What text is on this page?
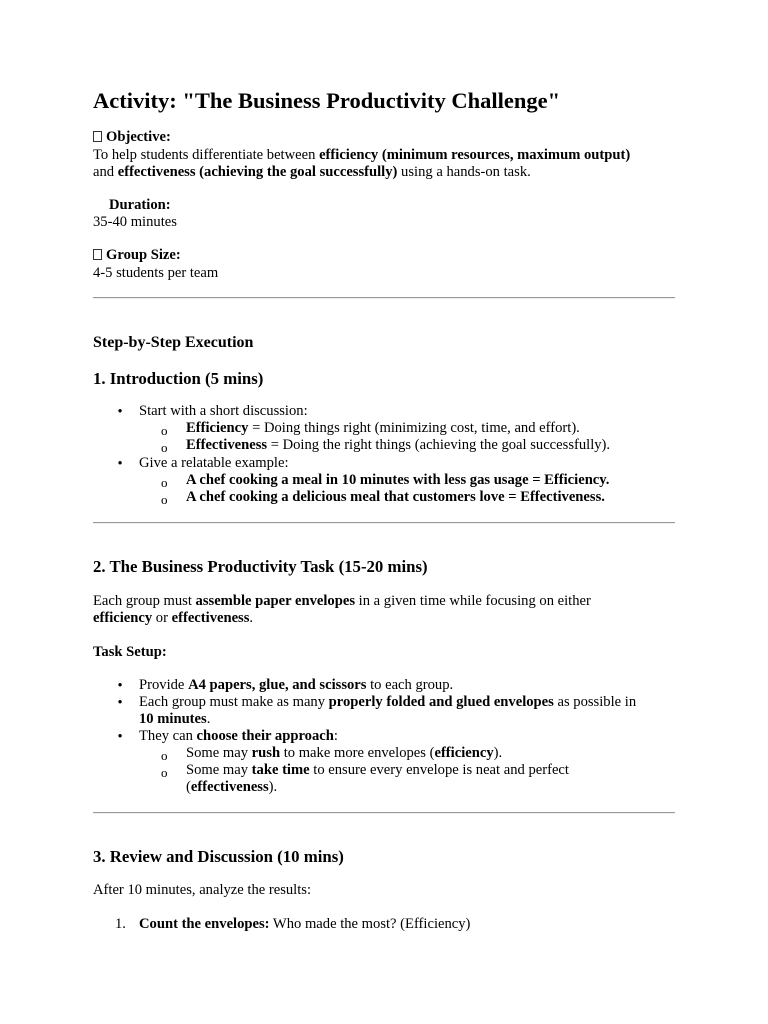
Activity: "The Business Productivity Challenge"
Objective:
To help students differentiate between efficiency (minimum resources, maximum output)
and effectiveness (achieving the goal successfully) using a hands-on task.
Duration:
35-40 minutes
Group Size:
4-5 students per team
Step-by-Step Execution
1. Introduction (5 mins)
• Start with a short discussion:
o Efficiency = Doing things right (minimizing cost, time, and effort).
o Effectiveness = Doing the right things (achieving the goal successfully).
• Give a relatable example:
o A chef cooking a meal in 10 minutes with less gas usage = Efficiency.
o A chef cooking a delicious meal that customers love = Effectiveness.
2. The Business Productivity Task (15-20 mins)
Each group must assemble paper envelopes in a given time while focusing on either
efficiency or effectiveness.
Task Setup:
• Provide A4 papers, glue, and scissors to each group.
• Each group must make as many properly folded and glued envelopes as possible in
10 minutes.
• They can choose their approach:
o Some may rush to make more envelopes (efficiency).
o Some may take time to ensure every envelope is neat and perfect
(effectiveness).
3. Review and Discussion (10 mins)
After 10 minutes, analyze the results:
1. Count the envelopes: Who made the most? (Efficiency)
